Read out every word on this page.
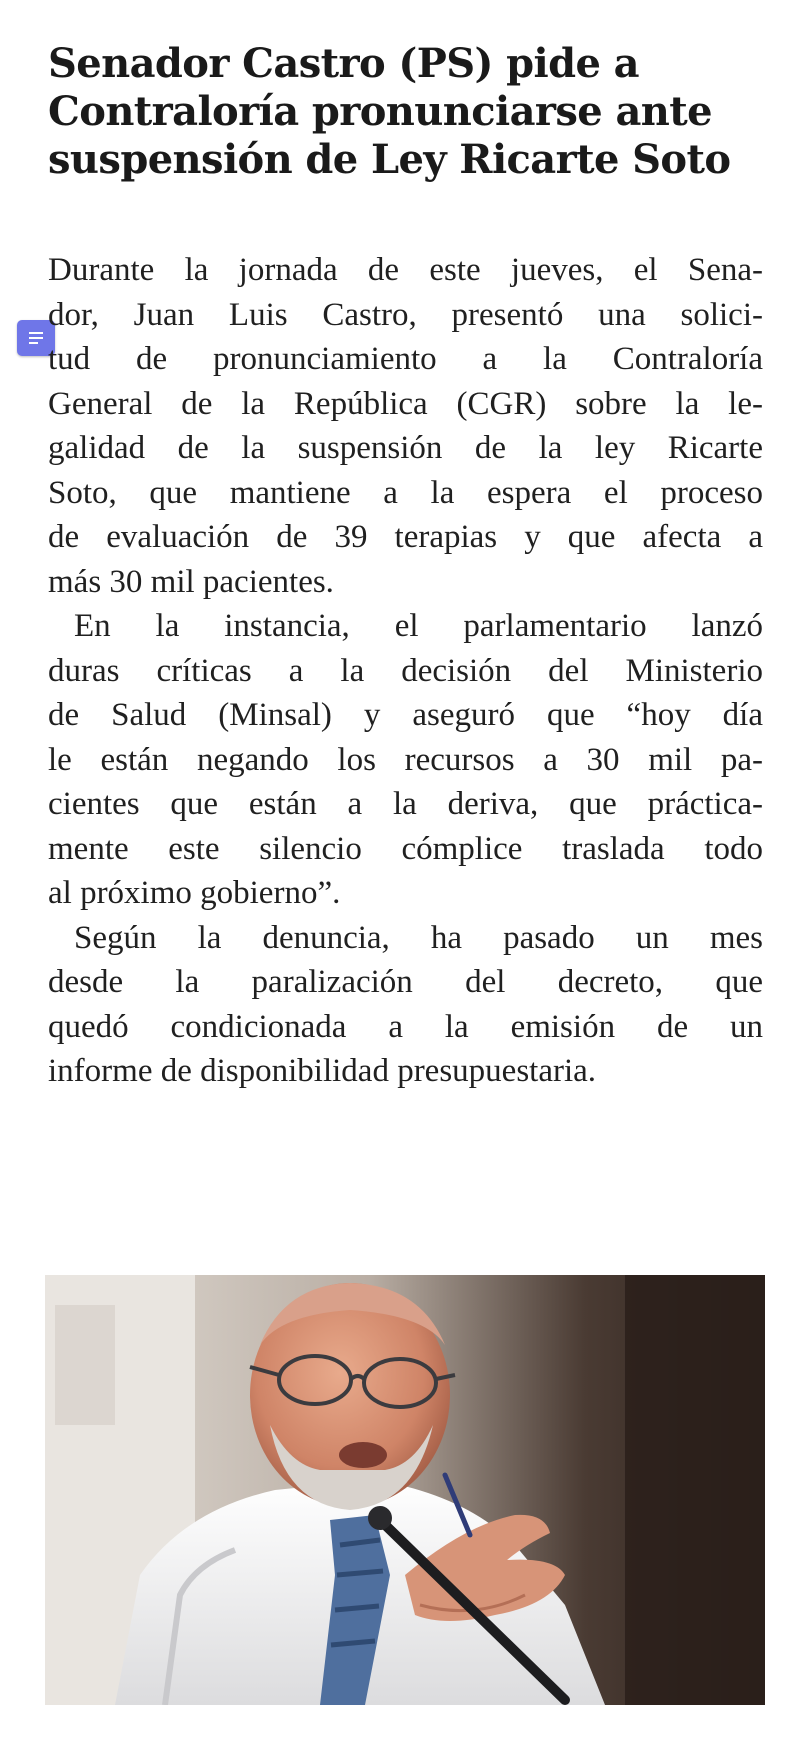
Senador Castro (PS) pide a
Contraloría pronunciarse ante
suspensión de Ley Ricarte Soto
Durante la jornada de este jueves, el Sena-
dor, Juan Luis Castro, presentó una solici-
tud de pronunciamiento a la Contraloría
General de la República (CGR) sobre la le-
galidad de la suspensión de la ley Ricarte
Soto, que mantiene a la espera el proceso
de evaluación de 39 terapias y que afecta a
más 30 mil pacientes.
En la instancia, el parlamentario lanzó
duras críticas a la decisión del Ministerio
de Salud (Minsal) y aseguró que “hoy día
le están negando los recursos a 30 mil pa-
cientes que están a la deriva, que práctica-
mente este silencio cómplice traslada todo
al próximo gobierno”.
Según la denuncia, ha pasado un mes
desde la paralización del decreto, que
quedó condicionada a la emisión de un
informe de disponibilidad presupuestaria.
